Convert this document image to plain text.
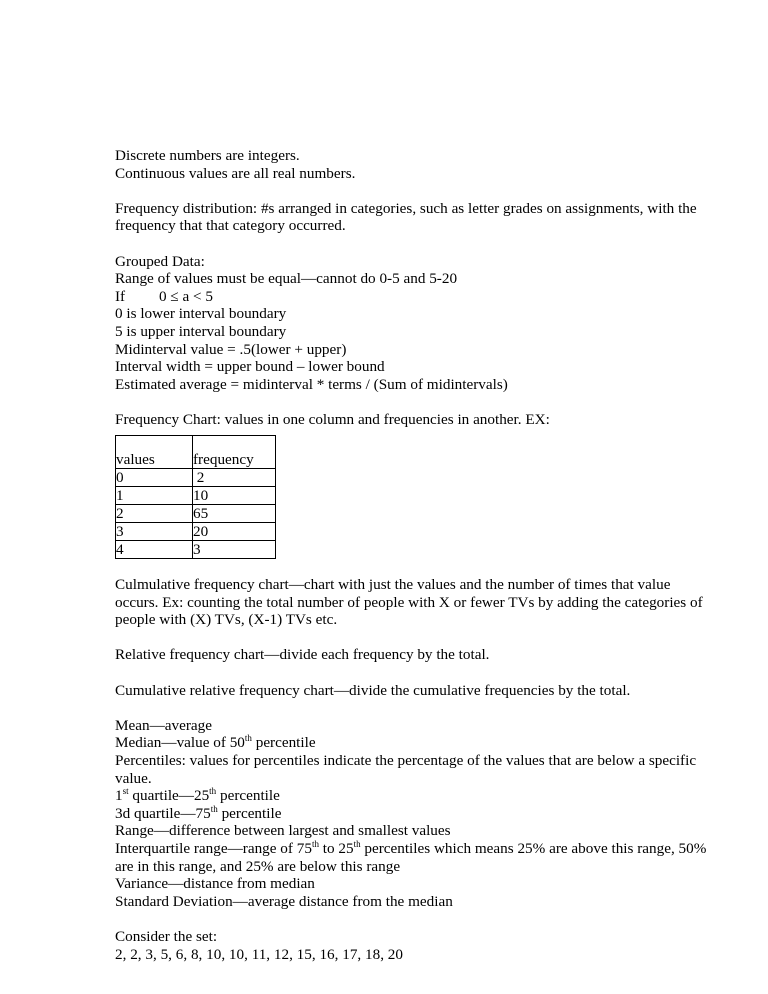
Discrete numbers are integers.
Continuous values are all real numbers.
Frequency distribution: #s arranged in categories, such as letter grades on assignments, with the frequency that that category occurred.
Grouped Data:
Range of values must be equal—cannot do 0-5 and 5-20
If 0 ≤ a < 5
0 is lower interval boundary
5 is upper interval boundary
Midinterval value = .5(lower + upper)
Interval width = upper bound – lower bound
Estimated average = midinterval * terms / (Sum of midintervals)
Frequency Chart: values in one column and frequencies in another. EX:
values	frequency
0	2
1	10
2	65
3	20
4	3
Culmulative frequency chart—chart with just the values and the number of times that value occurs. Ex: counting the total number of people with X or fewer TVs by adding the categories of people with (X) TVs, (X-1) TVs etc.
Relative frequency chart—divide each frequency by the total.
Cumulative relative frequency chart—divide the cumulative frequencies by the total.
Mean—average
Median—value of 50th percentile
Percentiles: values for percentiles indicate the percentage of the values that are below a specific value.
1st quartile—25th percentile
3d quartile—75th percentile
Range—difference between largest and smallest values
Interquartile range—range of 75th to 25th percentiles which means 25% are above this range, 50% are in this range, and 25% are below this range
Variance—distance from median
Standard Deviation—average distance from the median
Consider the set:
2, 2, 3, 5, 6, 8, 10, 10, 11, 12, 15, 16, 17, 18, 20
